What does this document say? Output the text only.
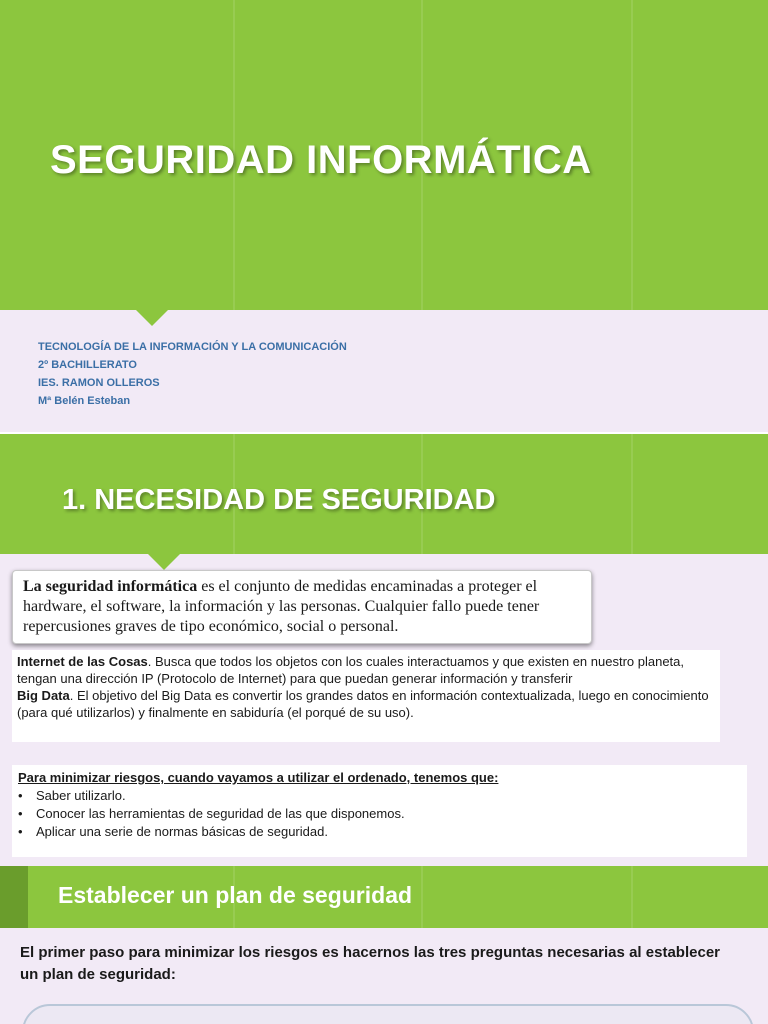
SEGURIDAD INFORMÁTICA
TECNOLOGÍA DE LA INFORMACIÓN Y LA COMUNICACIÓN
2º BACHILLERATO
IES. RAMON OLLEROS
Mª Belén Esteban
1. NECESIDAD DE SEGURIDAD
La seguridad informática es el conjunto de medidas encaminadas a proteger el hardware, el software, la información y las personas. Cualquier fallo puede tener repercusiones graves de tipo económico, social o personal.
Internet de las Cosas. Busca que todos los objetos con los cuales interactuamos y que existen en nuestro planeta, tengan una dirección IP (Protocolo de Internet) para que puedan generar información y transferir
Big Data. El objetivo del Big Data es convertir los grandes datos en información contextualizada, luego en conocimiento (para qué utilizarlos) y finalmente en sabiduría (el porqué de su uso).
Para minimizar riesgos, cuando vayamos a utilizar el ordenado, tenemos que:
•	Saber utilizarlo.
•	Conocer las herramientas de seguridad de las que disponemos.
•	Aplicar una serie de normas básicas de seguridad.
Establecer un plan de seguridad

El primer paso para minimizar los riesgos es hacernos las tres preguntas necesarias al establecer un plan de seguridad:
